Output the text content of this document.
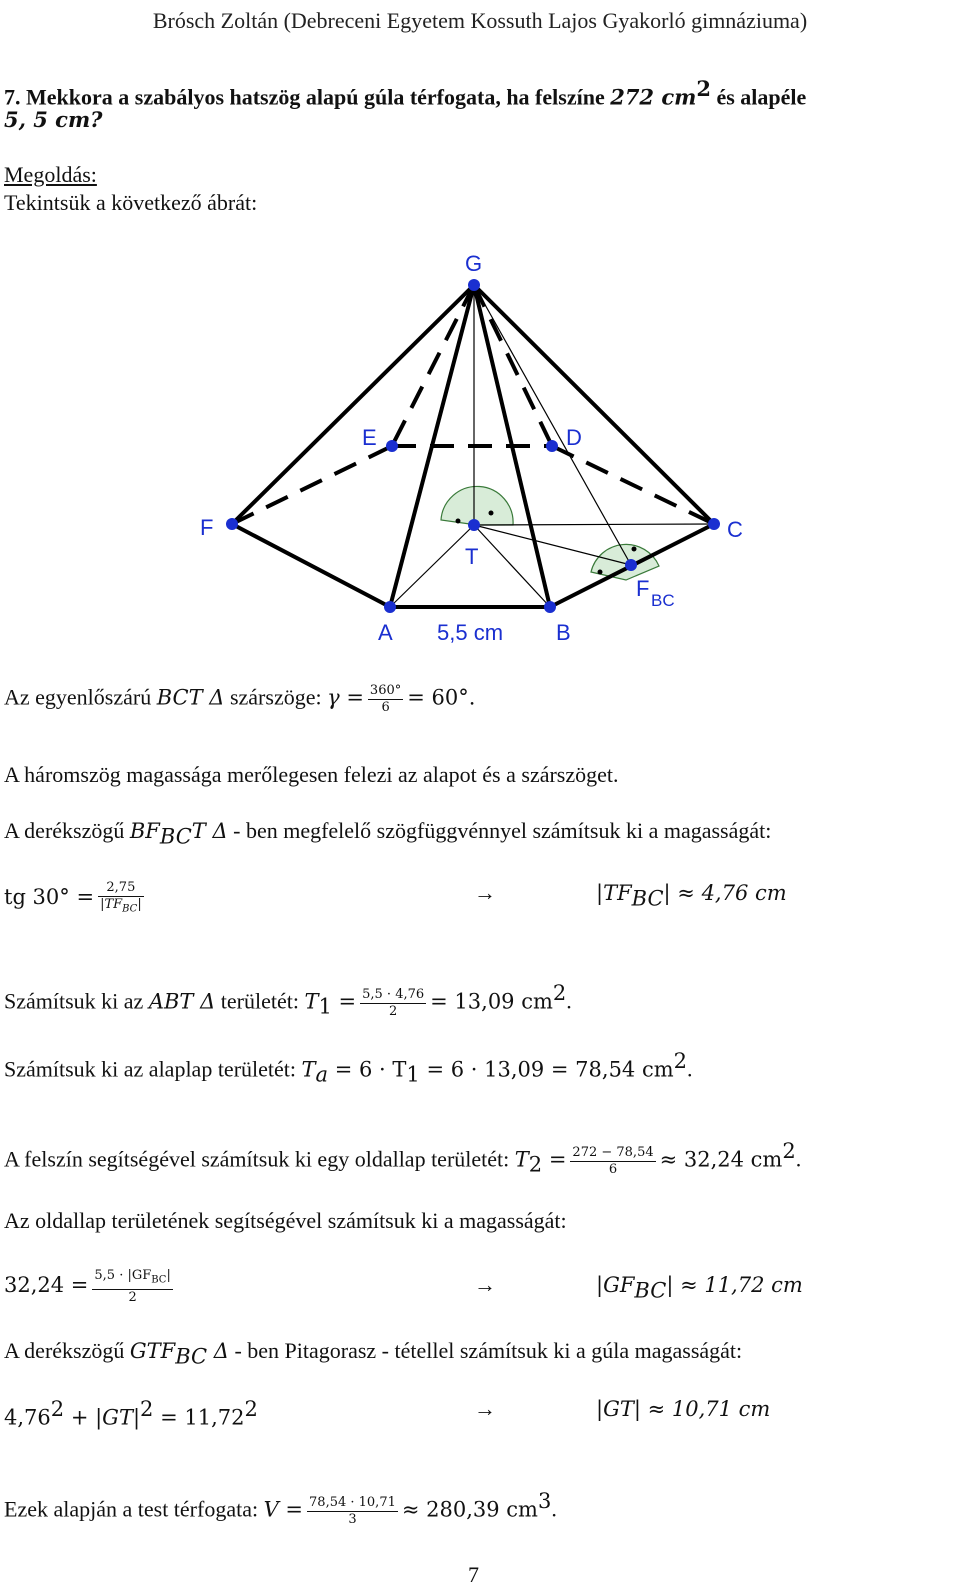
Brósch Zoltán (Debreceni Egyetem Kossuth Lajos Gyakorló gimnáziuma)
7. Mekkora a szabályos hatszög alapú gúla térfogata, ha felszíne 272 $cm^2$ és alapéle
5, 5 cm?
Megoldás:
Tekintsük a következő ábrát:
G
E	D
F	C
T
A	B
F BC
5,5 cm
Az egyenlőszárú BCT Δ szárszöge: $\gamma = \frac{360^\circ}{6} = 60^\circ$.
A háromszög magassága merőlegesen felezi az alapot és a szárszöget.
A derékszögű $BF_{BC}T$ Δ - ben megfelelő szögfüggvénnyel számítsuk ki a magasságát:
tg $30^\circ = \frac{2,75}{|TF_{BC}|}$	→	$|TF_{BC}| \approx 4,76$ cm
Számítsuk ki az ABT Δ területét: $T_1 = \frac{5,5 \cdot 4,76}{2} = 13,09$ $cm^2$.
Számítsuk ki az alaplap területét: $T_a = 6 \cdot T_1 = 6 \cdot 13,09 = 78,54$ $cm^2$.
A felszín segítségével számítsuk ki egy oldallap területét: $T_2 = \frac{272 - 78,54}{6} \approx 32,24$ $cm^2$.
Az oldallap területének segítségével számítsuk ki a magasságát:
$32,24 = \frac{5,5 \cdot |GF_{BC}|}{2}$	→	$|GF_{BC}| \approx 11,72$ cm
A derékszögű $GTF_{BC}$ Δ - ben Pitagorasz - tétellel számítsuk ki a gúla magasságát:
$4,76^2 + |GT|^2 = 11,72^2$	→	|GT| ≈ 10,71 cm
Ezek alapján a test térfogata: $V = \frac{78,54 \cdot 10,71}{3} \approx 280,39$ $cm^3$.
7
